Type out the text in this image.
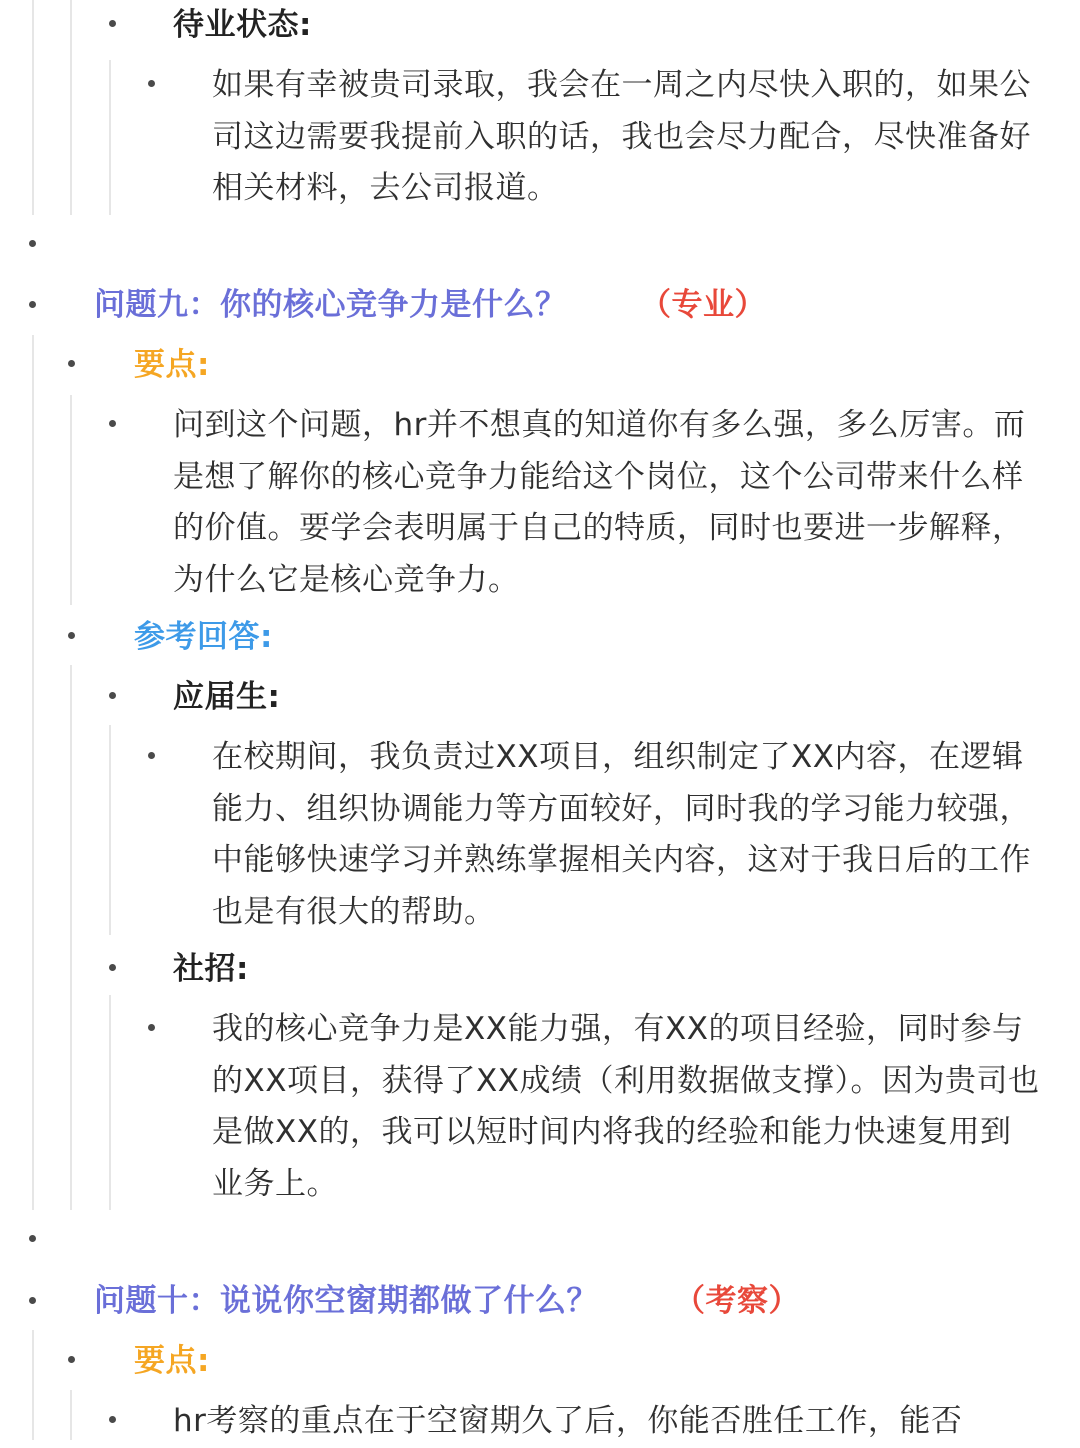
待业状态:
如果有幸被贵司录取，我会在一周之内尽快入职的，如果公司这边需要我提前入职的话，我也会尽力配合，尽快准备好相关材料，去公司报道。
问题九：你的核心竞争力是什么？ （专业）
要点:
问到这个问题，hr并不想真的知道你有多么强，多么厉害。而是想了解你的核心竞争力能给这个岗位，这个公司带来什么样的价值。要学会表明属于自己的特质，同时也要进一步解释，为什么它是核心竞争力。
参考回答:
应届生:
在校期间，我负责过XX项目，组织制定了XX内容，在逻辑能力、组织协调能力等方面较好，同时我的学习能力较强，中能够快速学习并熟练掌握相关内容，这对于我日后的工作也是有很大的帮助。
社招:
我的核心竞争力是XX能力强，有XX的项目经验，同时参与的XX项目，获得了XX成绩（利用数据做支撑）。因为贵司也是做XX的，我可以短时间内将我的经验和能力快速复用到业务上。
问题十：说说你空窗期都做了什么？ （考察）
要点:
hr考察的重点在于空窗期久了后，你能否胜任工作，能否
